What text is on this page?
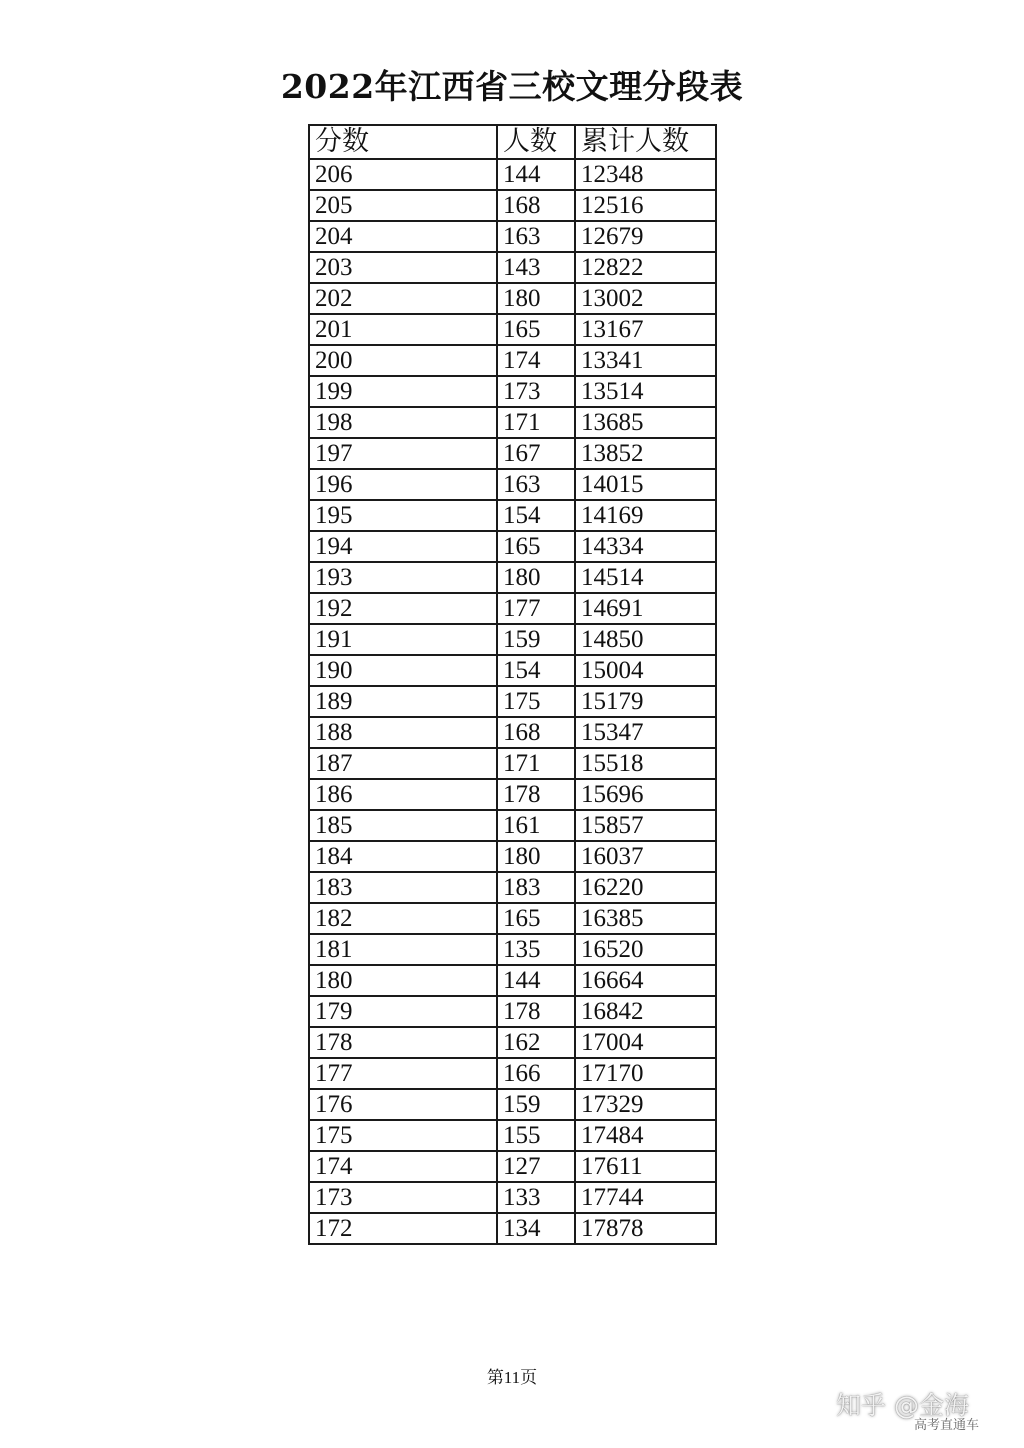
2022年江西省三校文理分段表
分数	人数	累计人数
206	144	12348
205	168	12516
204	163	12679
203	143	12822
202	180	13002
201	165	13167
200	174	13341
199	173	13514
198	171	13685
197	167	13852
196	163	14015
195	154	14169
194	165	14334
193	180	14514
192	177	14691
191	159	14850
190	154	15004
189	175	15179
188	168	15347
187	171	15518
186	178	15696
185	161	15857
184	180	16037
183	183	16220
182	165	16385
181	135	16520
180	144	16664
179	178	16842
178	162	17004
177	166	17170
176	159	17329
175	155	17484
174	127	17611
173	133	17744
172	134	17878
第11页
知乎 @金海
高考直通车
